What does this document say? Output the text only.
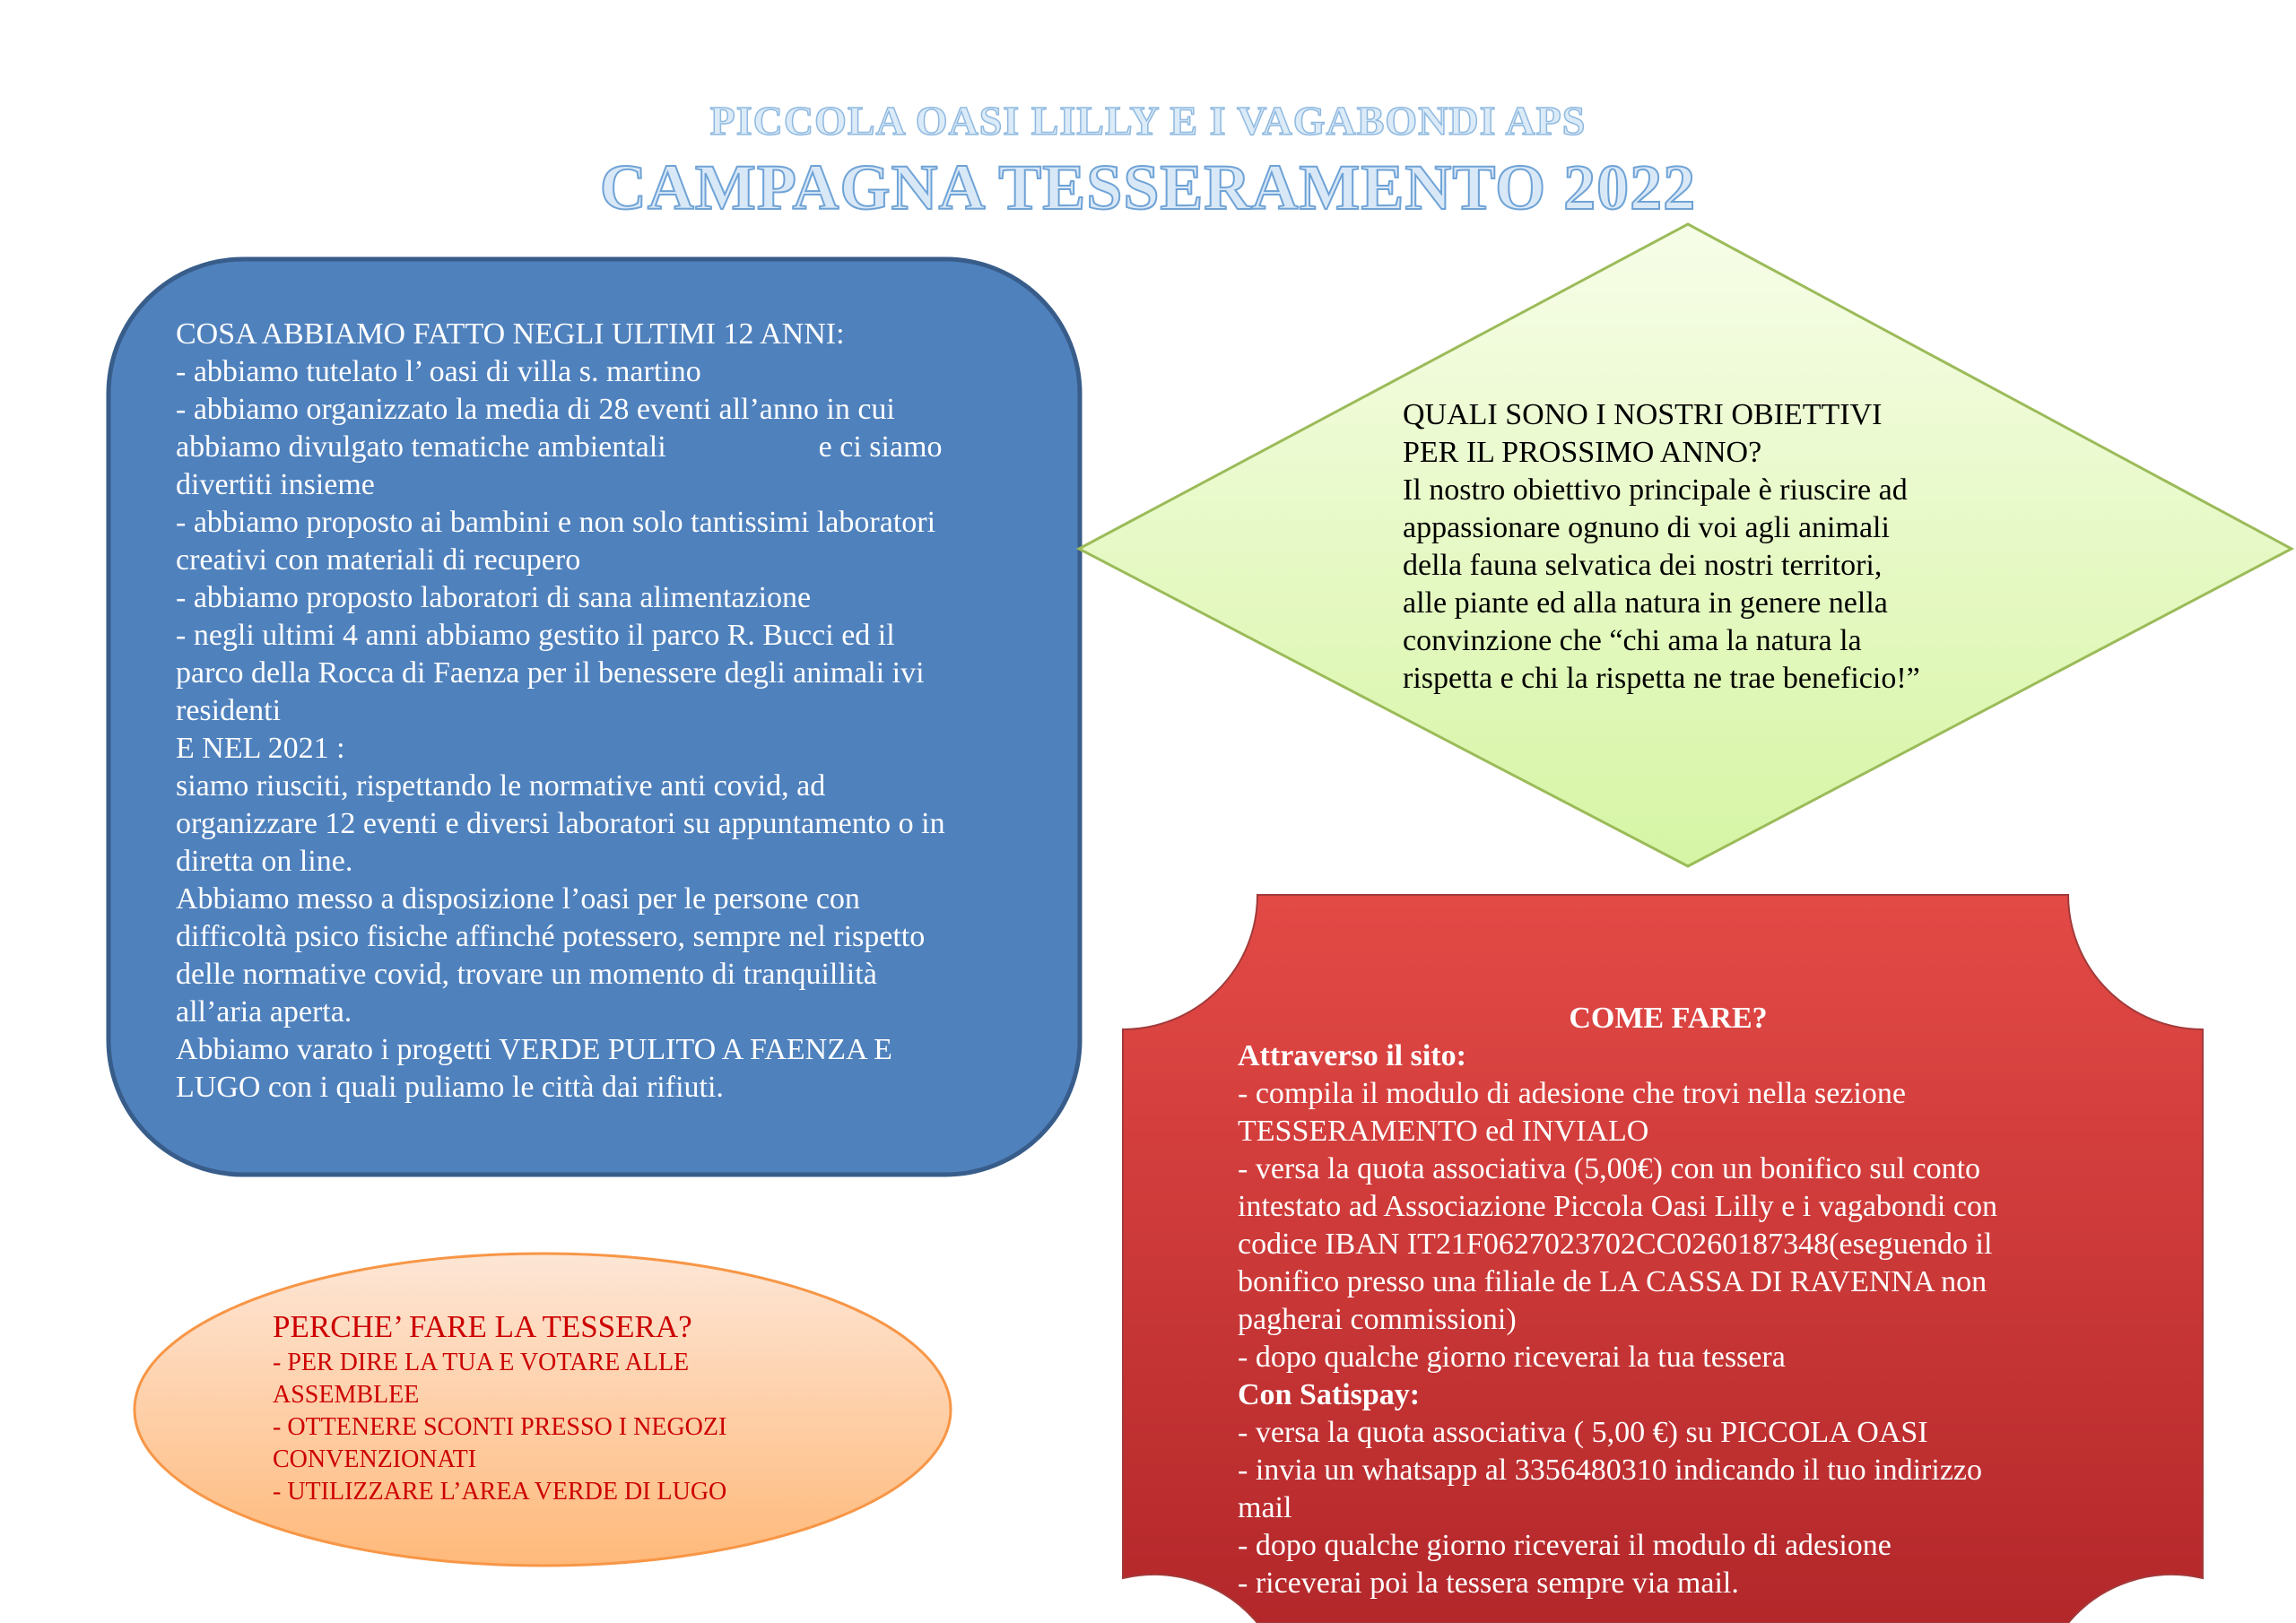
PICCOLA OASI LILLY E I VAGABONDI APS
CAMPAGNA TESSERAMENTO 2022
COSA ABBIAMO FATTO NEGLI ULTIMI 12 ANNI:
- abbiamo tutelato l’ oasi di villa s. martino
- abbiamo organizzato la media di 28 eventi all’anno in cui
abbiamo divulgato tematiche ambientali	e ci siamo
divertiti insieme
- abbiamo proposto ai bambini e non solo tantissimi laboratori
creativi con materiali di recupero
- abbiamo proposto laboratori di sana alimentazione
- negli ultimi 4 anni abbiamo gestito il parco R. Bucci ed il
parco della Rocca di Faenza per il benessere degli animali ivi
residenti
E NEL 2021 :
siamo riusciti, rispettando le normative anti covid, ad
organizzare 12 eventi e diversi laboratori su appuntamento o in
diretta on line.
Abbiamo messo a disposizione l’oasi per le persone con
difficoltà psico fisiche affinché potessero, sempre nel rispetto
delle normative covid, trovare un momento di tranquillità
all’aria aperta.
Abbiamo varato i progetti VERDE PULITO A FAENZA E
LUGO con i quali puliamo le città dai rifiuti.
QUALI SONO I NOSTRI OBIETTIVI
PER IL PROSSIMO ANNO?
Il nostro obiettivo principale è riuscire ad
appassionare ognuno di voi agli animali
della fauna selvatica dei nostri territori,
alle piante ed alla natura in genere nella
convinzione che “chi ama la natura la
rispetta e chi la rispetta ne trae beneficio!”
COME FARE?
Attraverso il sito:
- compila il modulo di adesione che trovi nella sezione
TESSERAMENTO ed INVIALO
- versa la quota associativa (5,00€) con un bonifico sul conto
intestato ad Associazione Piccola Oasi Lilly e i vagabondi con
codice IBAN IT21F0627023702CC0260187348(eseguendo il
bonifico presso una filiale de LA CASSA DI RAVENNA non
pagherai commissioni)
- dopo qualche giorno riceverai la tua tessera
Con Satispay:
- versa la quota associativa ( 5,00 €) su PICCOLA OASI
- invia un whatsapp al 3356480310 indicando il tuo indirizzo
mail
- dopo qualche giorno riceverai il modulo di adesione
- riceverai poi la tessera sempre via mail.
PERCHE’ FARE LA TESSERA?
- PER DIRE LA TUA E VOTARE ALLE
ASSEMBLEE
- OTTENERE SCONTI PRESSO I NEGOZI
CONVENZIONATI
- UTILIZZARE L’AREA VERDE DI LUGO
